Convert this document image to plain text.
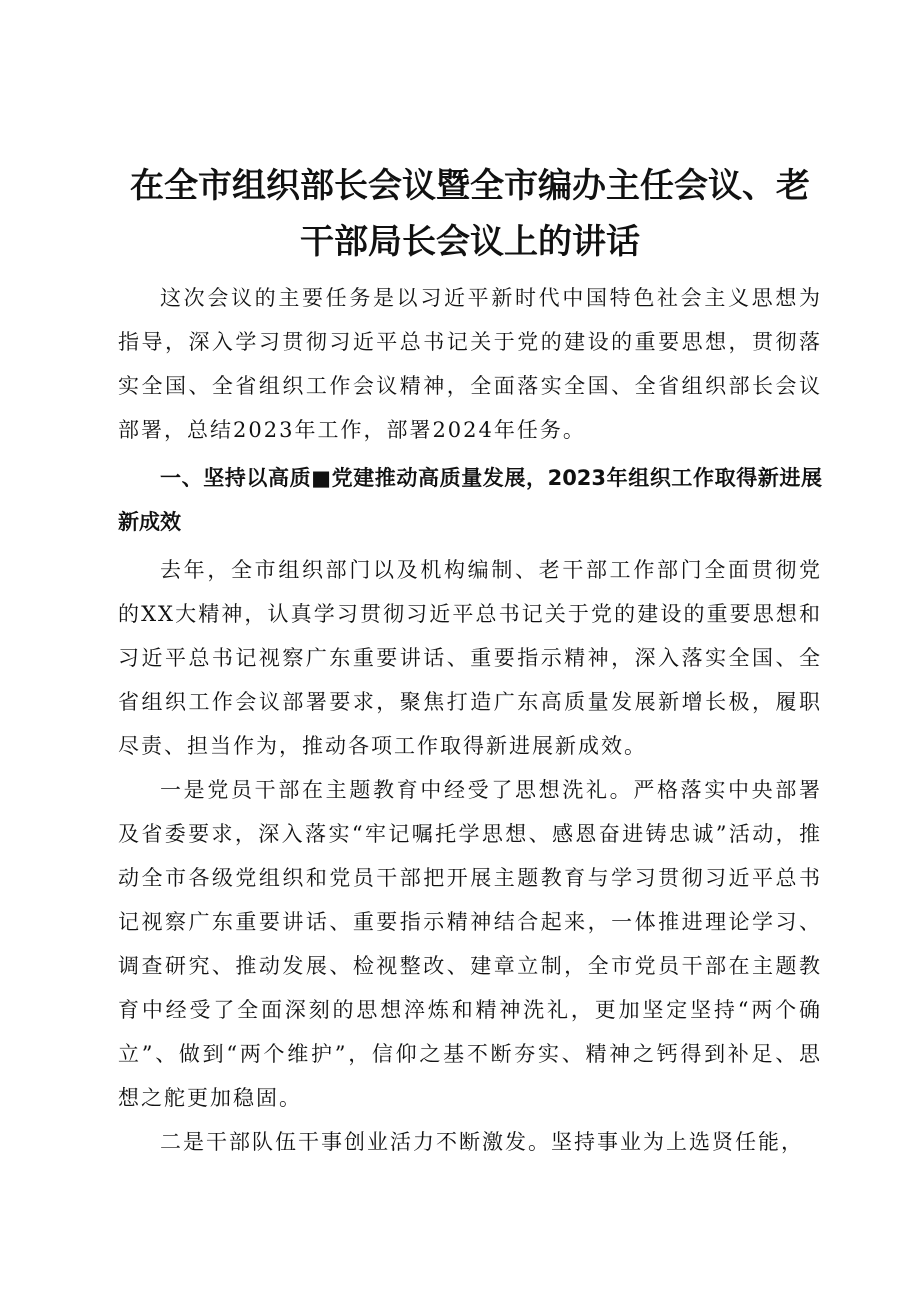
在全市组织部长会议暨全市编办主任会议、老干部局长会议上的讲话

这次会议的主要任务是以习近平新时代中国特色社会主义思想为指导，深入学习贯彻习近平总书记关于党的建设的重要思想，贯彻落实全国、全省组织工作会议精神，全面落实全国、全省组织部长会议部署，总结2023年工作，部署2024年任务。

一、坚持以高质■党建推动高质量发展，2023年组织工作取得新进展新成效

去年，全市组织部门以及机构编制、老干部工作部门全面贯彻党的XX大精神，认真学习贯彻习近平总书记关于党的建设的重要思想和习近平总书记视察广东重要讲话、重要指示精神，深入落实全国、全省组织工作会议部署要求，聚焦打造广东高质量发展新增长极，履职尽责、担当作为，推动各项工作取得新进展新成效。

一是党员干部在主题教育中经受了思想洗礼。严格落实中央部署及省委要求，深入落实“牢记嘱托学思想、感恩奋进铸忠诚”活动，推动全市各级党组织和党员干部把开展主题教育与学习贯彻习近平总书记视察广东重要讲话、重要指示精神结合起来，一体推进理论学习、调查研究、推动发展、检视整改、建章立制，全市党员干部在主题教育中经受了全面深刻的思想淬炼和精神洗礼，更加坚定坚持“两个确立”、做到“两个维护”，信仰之基不断夯实、精神之钙得到补足、思想之舵更加稳固。

二是干部队伍干事创业活力不断激发。坚持事业为上选贤任能，
